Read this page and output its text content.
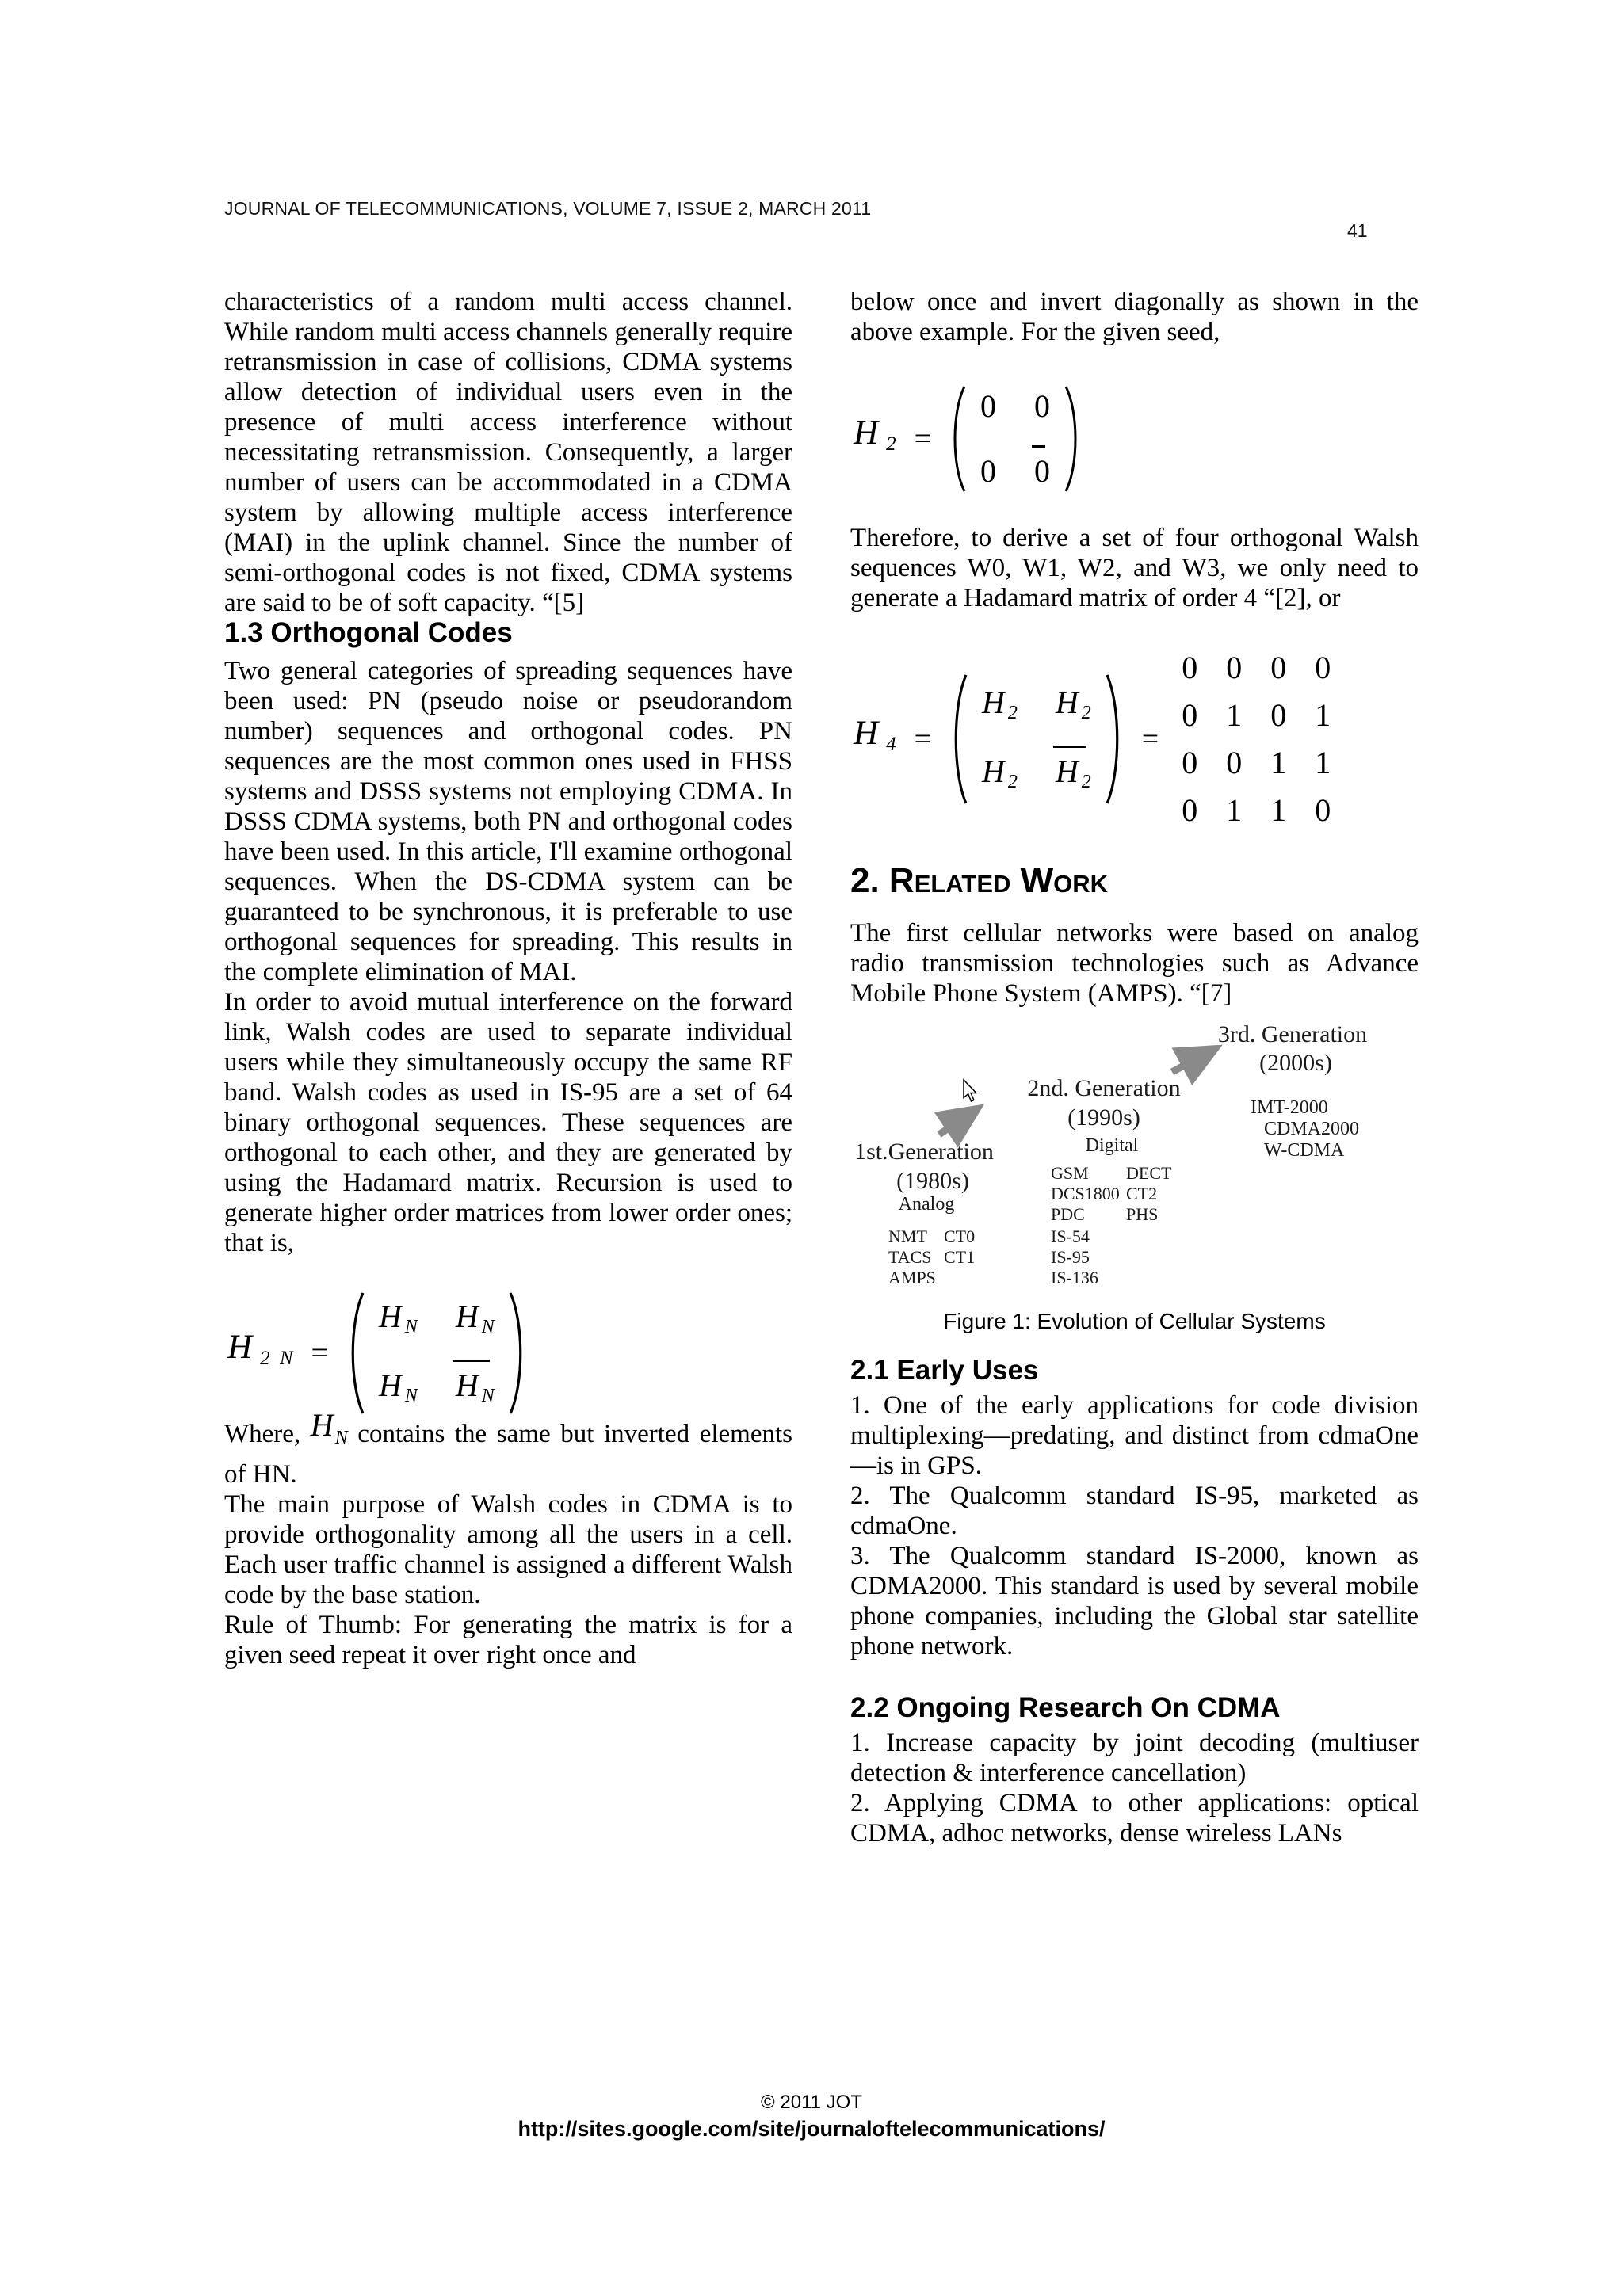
JOURNAL OF TELECOMMUNICATIONS, VOLUME 7, ISSUE 2, MARCH 2011
41

characteristics of a random multi access channel. While random multi access channels generally require retransmission in case of collisions, CDMA systems allow detection of individual users even in the presence of multi access interference without necessitating retransmission. Consequently, a larger number of users can be accommodated in a CDMA system by allowing multiple access interference (MAI) in the uplink channel. Since the number of semi-orthogonal codes is not fixed, CDMA systems are said to be of soft capacity. “[5]

1.3 Orthogonal Codes

Two general categories of spreading sequences have been used: PN (pseudo noise or pseudorandom number) sequences and orthogonal codes. PN sequences are the most common ones used in FHSS systems and DSSS systems not employing CDMA. In DSSS CDMA systems, both PN and orthogonal codes have been used. In this article, I'll examine orthogonal sequences. When the DS-CDMA system can be guaranteed to be synchronous, it is preferable to use orthogonal sequences for spreading. This results in the complete elimination of MAI.

In order to avoid mutual interference on the forward link, Walsh codes are used to separate individual users while they simultaneously occupy the same RF band. Walsh codes as used in IS-95 are a set of 64 binary orthogonal sequences. These sequences are orthogonal to each other, and they are generated by using the Hadamard matrix. Recursion is used to generate higher order matrices from lower order ones; that is,

H 2 N =
H N H N
H N H N

Where, $H_N$ contains the same but inverted elements of HN.

The main purpose of Walsh codes in CDMA is to provide orthogonality among all the users in a cell. Each user traffic channel is assigned a different Walsh code by the base station.

Rule of Thumb: For generating the matrix is for a given seed repeat it over right once and

below once and invert diagonally as shown in the above example. For the given seed,

H 2 =
0 0
0 0

Therefore, to derive a set of four orthogonal Walsh sequences W0, W1, W2, and W3, we only need to generate a Hadamard matrix of order 4 “[2], or

H 4 =
H 2 H 2
H 2 H 2
=
0 0 0 0
0 1 0 1
0 0 1 1
0 1 1 0
2. Related Work

The first cellular networks were based on analog radio transmission technologies such as Advance Mobile Phone System (AMPS). “[7]

3rd. Generation
(2000s)
IMT-2000
CDMA2000
W-CDMA
2nd. Generation
(1990s)
Digital
GSM
DCS1800
PDC
IS-54
IS-95
IS-136
DECT
CT2
PHS
1st.Generation
(1980s)
Analog
NMT
TACS
AMPS
CT0
CT1
Figure 1: Evolution of Cellular Systems
2.1 Early Uses

1. One of the early applications for code division multiplexing—predating, and distinct from cdmaOne—is in GPS.

2. The Qualcomm standard IS-95, marketed as cdmaOne.

3. The Qualcomm standard IS-2000, known as CDMA2000. This standard is used by several mobile phone companies, including the Global star satellite phone network.

2.2 Ongoing Research On CDMA

1. Increase capacity by joint decoding (multiuser detection & interference cancellation)

2. Applying CDMA to other applications: optical CDMA, adhoc networks, dense wireless LANs

© 2011 JOT
http://sites.google.com/site/journaloftelecommunications/
